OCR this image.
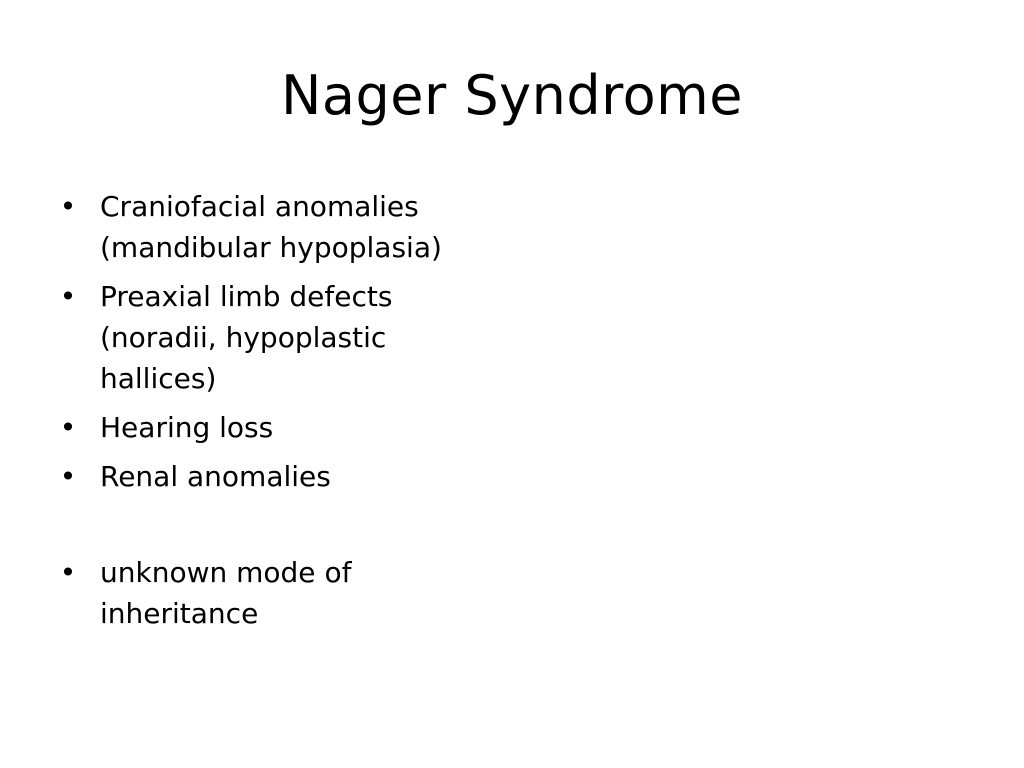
Nager Syndrome
• Craniofacial anomalies
(mandibular hypoplasia)
• Preaxial limb defects
(noradii, hypoplastic
hallices)
• Hearing loss
• Renal anomalies
• unknown mode of
inheritance
